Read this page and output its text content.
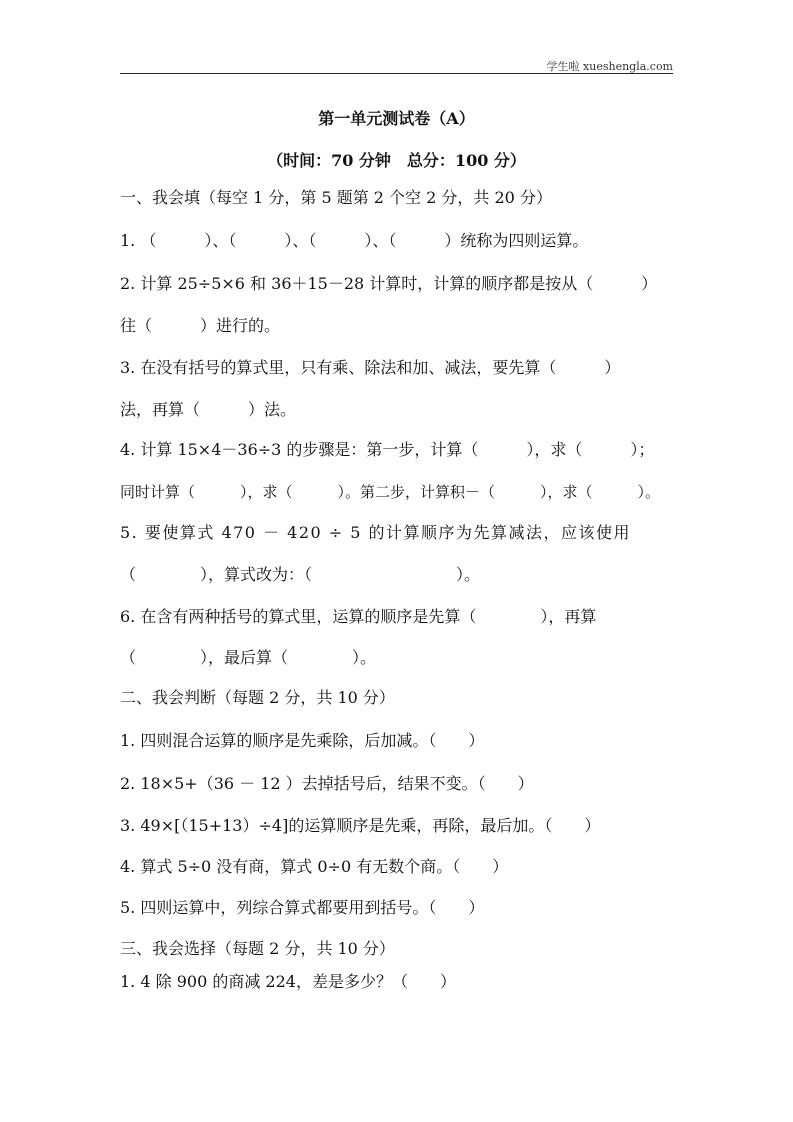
学生啦 xueshengla.com
第一单元测试卷（A）
（时间：70 分钟　总分：100 分）
一、我会填（每空 1 分，第 5 题第 2 个空 2 分，共 20 分）
1. （　　　）、（　　　）、（　　　）、（　　　）统称为四则运算。
2. 计算 25÷5×6 和 36＋15－28 计算时，计算的顺序都是按从（　　　）
往（　　　）进行的。
3. 在没有括号的算式里，只有乘、除法和加、减法，要先算（　　　）
法，再算（　　　）法。
4. 计算 15×4－36÷3 的步骤是：第一步，计算（　　　），求（　　　）；
同时计算（　　　），求（　　　）。第二步，计算积－（　　　），求（　　　）。
5. 要使算式 470 － 420 ÷ 5 的计算顺序为先算减法，应该使用
（　　　　），算式改为：（　　　　　　　　　）。
6. 在含有两种括号的算式里，运算的顺序是先算（　　　　），再算
（　　　　），最后算（　　　　）。
二、我会判断（每题 2 分，共 10 分）
1. 四则混合运算的顺序是先乘除，后加减。（　　）
2. 18×5+（36 － 12 ）去掉括号后，结果不变。（　　）
3. 49×[（15+13）÷4]的运算顺序是先乘，再除，最后加。（　　）
4. 算式 5÷0 没有商，算式 0÷0 有无数个商。（　　）
5. 四则运算中，列综合算式都要用到括号。（　　）
三、我会选择（每题 2 分，共 10 分）
1. 4 除 900 的商减 224，差是多少？（　　）
